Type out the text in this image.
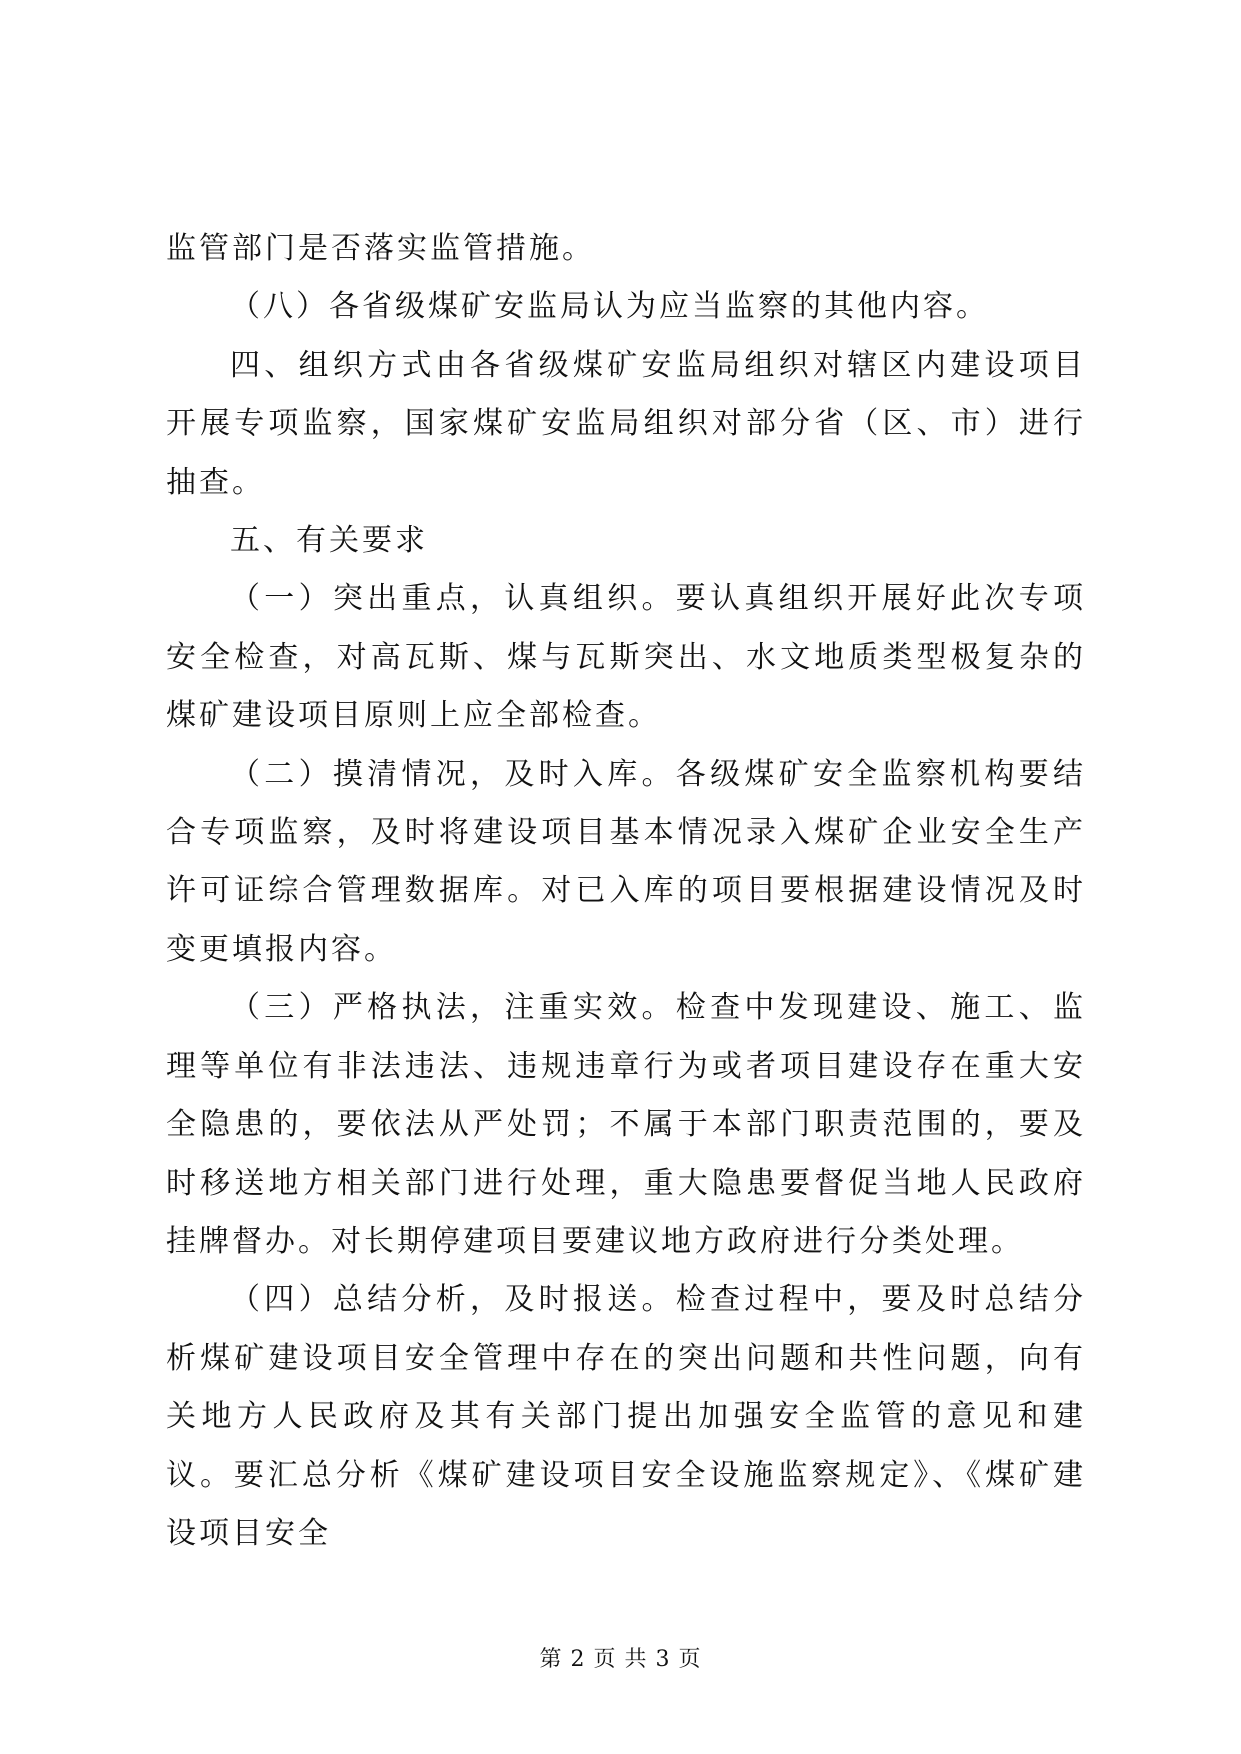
监管部门是否落实监管措施。

（八）各省级煤矿安监局认为应当监察的其他内容。

四、组织方式由各省级煤矿安监局组织对辖区内建设项目开展专项监察，国家煤矿安监局组织对部分省（区、市）进行抽查。

五、有关要求

（一）突出重点，认真组织。要认真组织开展好此次专项安全检查，对高瓦斯、煤与瓦斯突出、水文地质类型极复杂的煤矿建设项目原则上应全部检查。

（二）摸清情况，及时入库。各级煤矿安全监察机构要结合专项监察，及时将建设项目基本情况录入煤矿企业安全生产许可证综合管理数据库。对已入库的项目要根据建设情况及时变更填报内容。

（三）严格执法，注重实效。检查中发现建设、施工、监理等单位有非法违法、违规违章行为或者项目建设存在重大安全隐患的，要依法从严处罚；不属于本部门职责范围的，要及时移送地方相关部门进行处理，重大隐患要督促当地人民政府挂牌督办。对长期停建项目要建议地方政府进行分类处理。

（四）总结分析，及时报送。检查过程中，要及时总结分析煤矿建设项目安全管理中存在的突出问题和共性问题，向有关地方人民政府及其有关部门提出加强安全监管的意见和建议。要汇总分析《煤矿建设项目安全设施监察规定》、《煤矿建设项目安全

第 2 页 共 3 页
